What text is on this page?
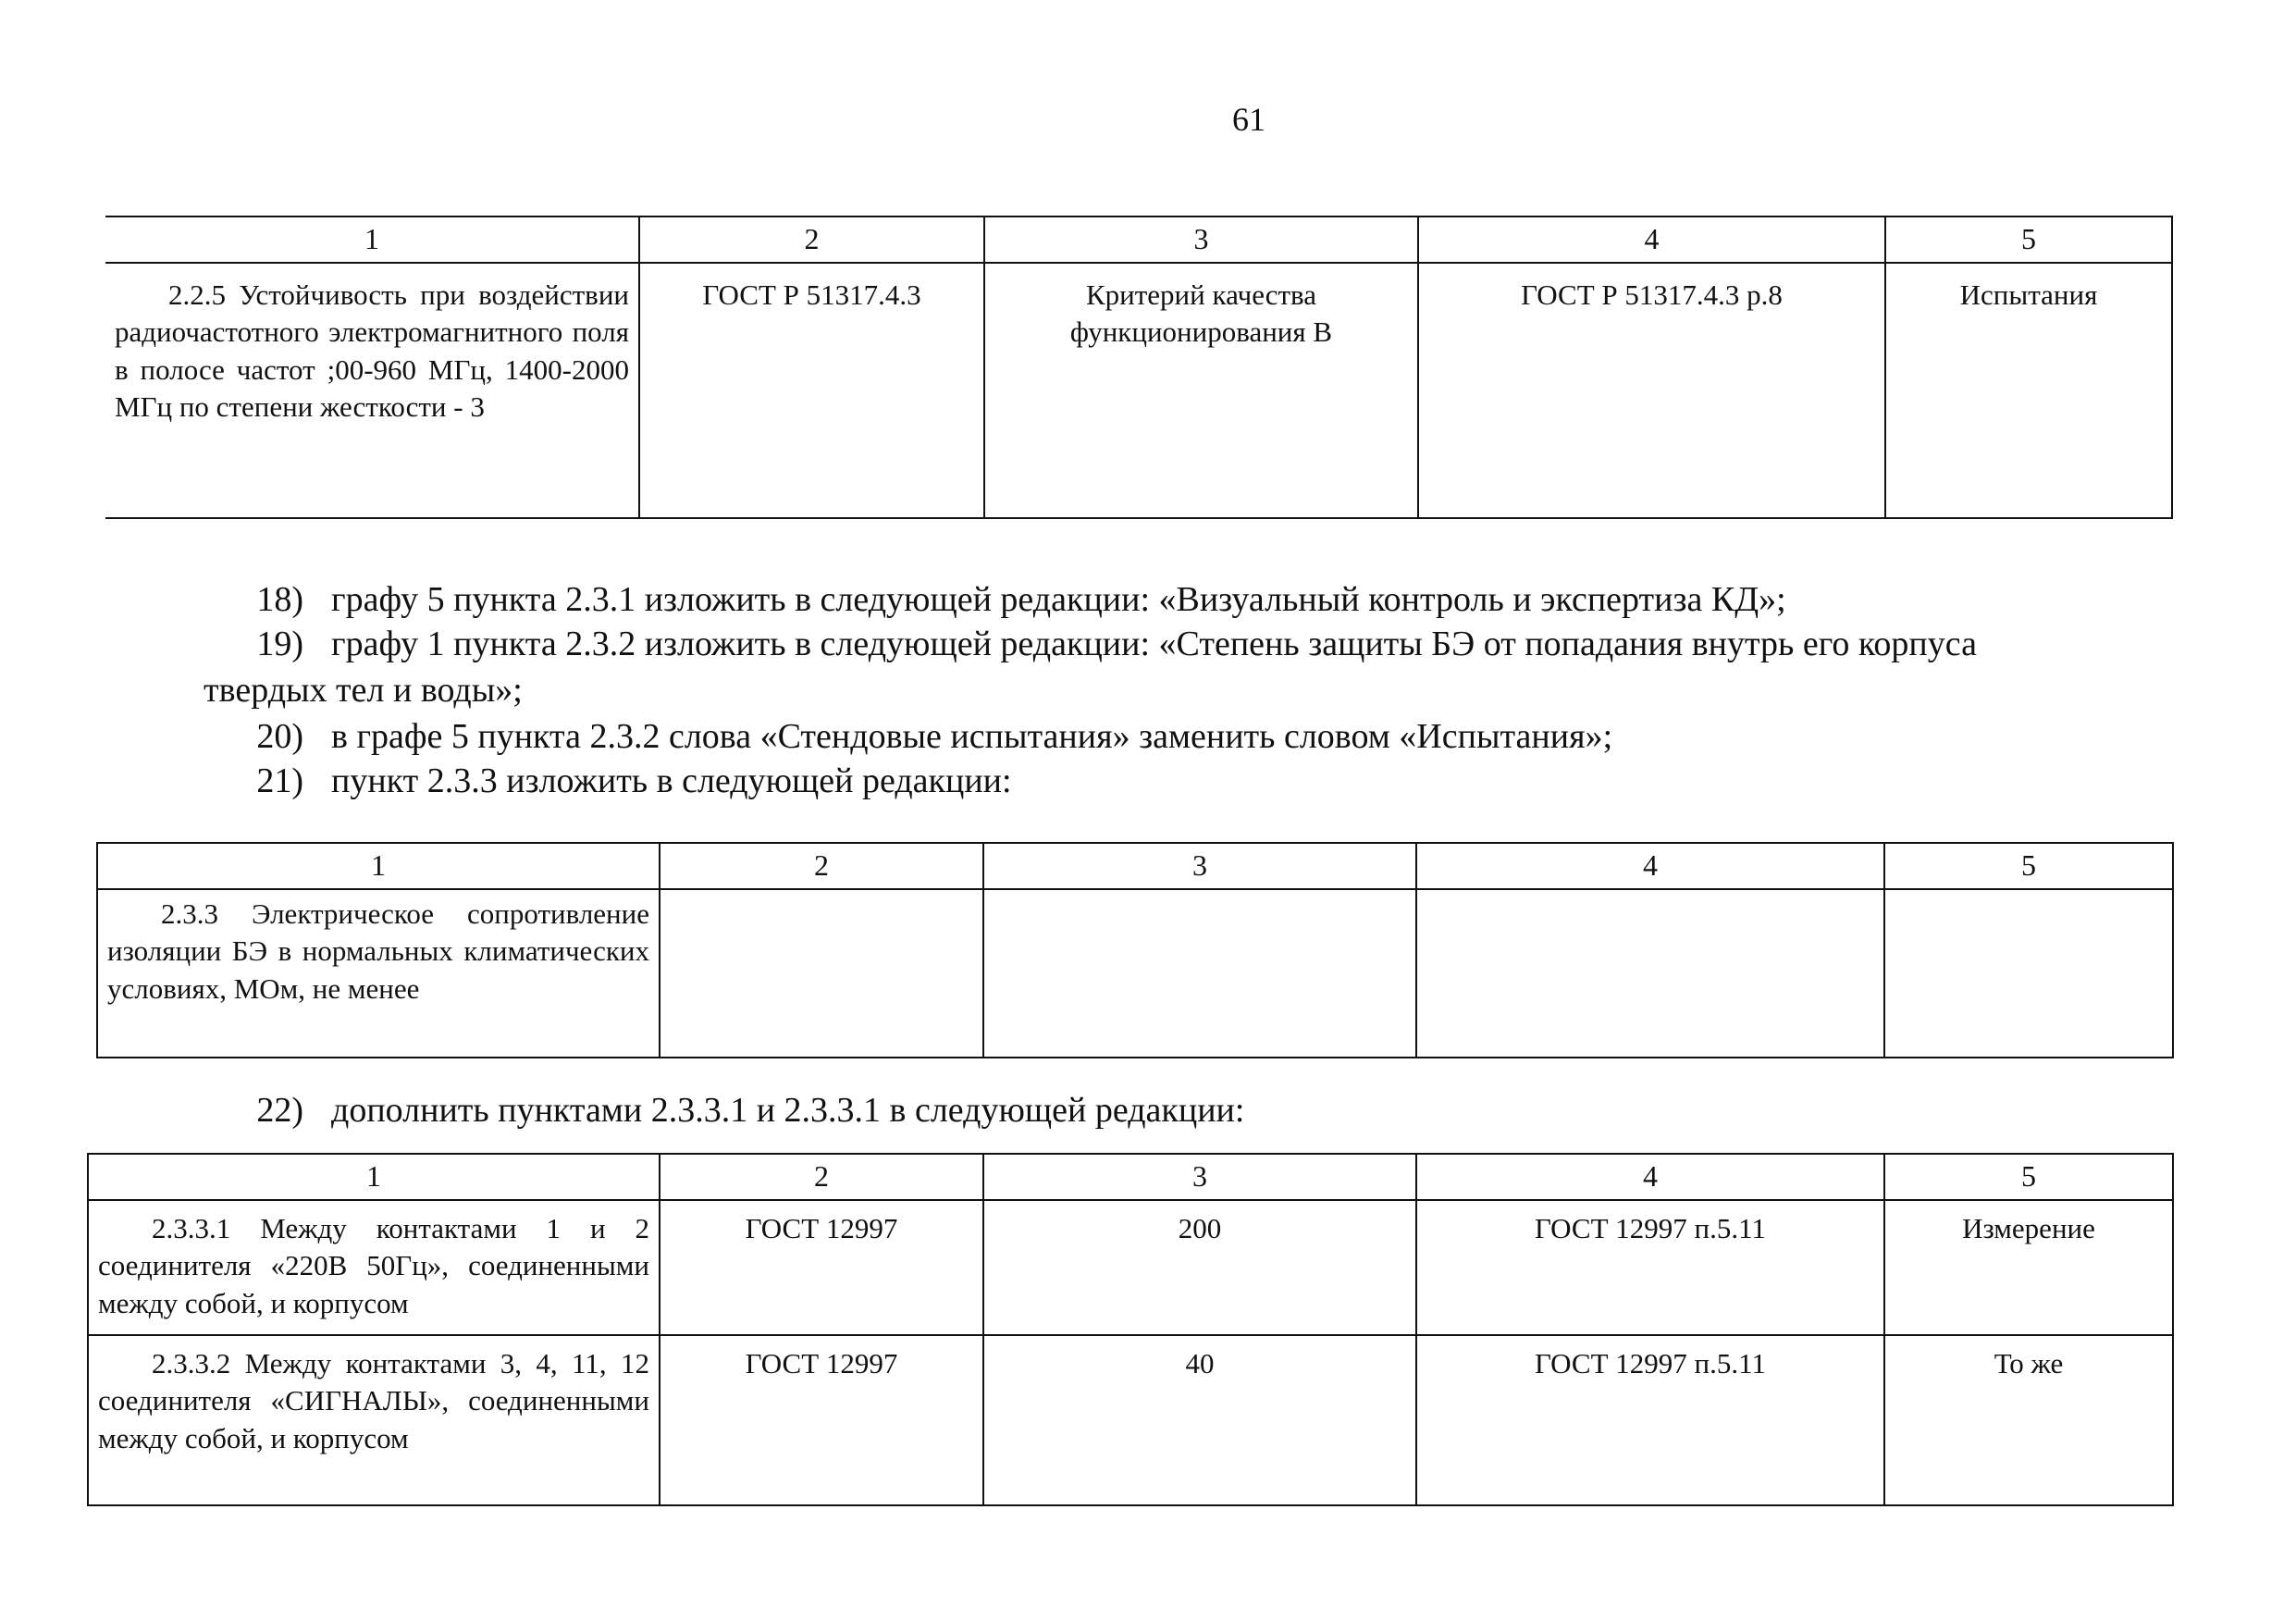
61
1	2	3	4	5
2.2.5 Устойчивость при воздействии радиочастотного электромагнитного поля в полосе частот ;00-960 МГц, 1400-2000 МГц по степени жесткости - 3	ГОСТ Р 51317.4.3	Критерий качества функционирования В	ГОСТ Р 51317.4.3 р.8	Испытания
18) графу 5 пункта 2.3.1 изложить в следующей редакции: «Визуальный контроль и экспертиза КД»;
19) графу 1 пункта 2.3.2 изложить в следующей редакции: «Степень защиты БЭ от попадания внутрь его корпуса
твердых тел и воды»;
20) в графе 5 пункта 2.3.2 слова «Стендовые испытания» заменить словом «Испытания»;
21) пункт 2.3.3 изложить в следующей редакции:
1	2	3	4	5
2.3.3 Электрическое сопротивление изоляции БЭ в нормальных климатических условиях, МОм, не менее				
22) дополнить пунктами 2.3.3.1 и 2.3.3.1 в следующей редакции:
1	2	3	4	5
2.3.3.1 Между контактами 1 и 2 соединителя «220В 50Гц», соединенными между собой, и корпусом	ГОСТ 12997	200	ГОСТ 12997 п.5.11	Измерение
2.3.3.2 Между контактами 3, 4, 11, 12 соединителя «СИГНАЛЫ», соединенными между собой, и корпусом	ГОСТ 12997	40	ГОСТ 12997 п.5.11	То же
